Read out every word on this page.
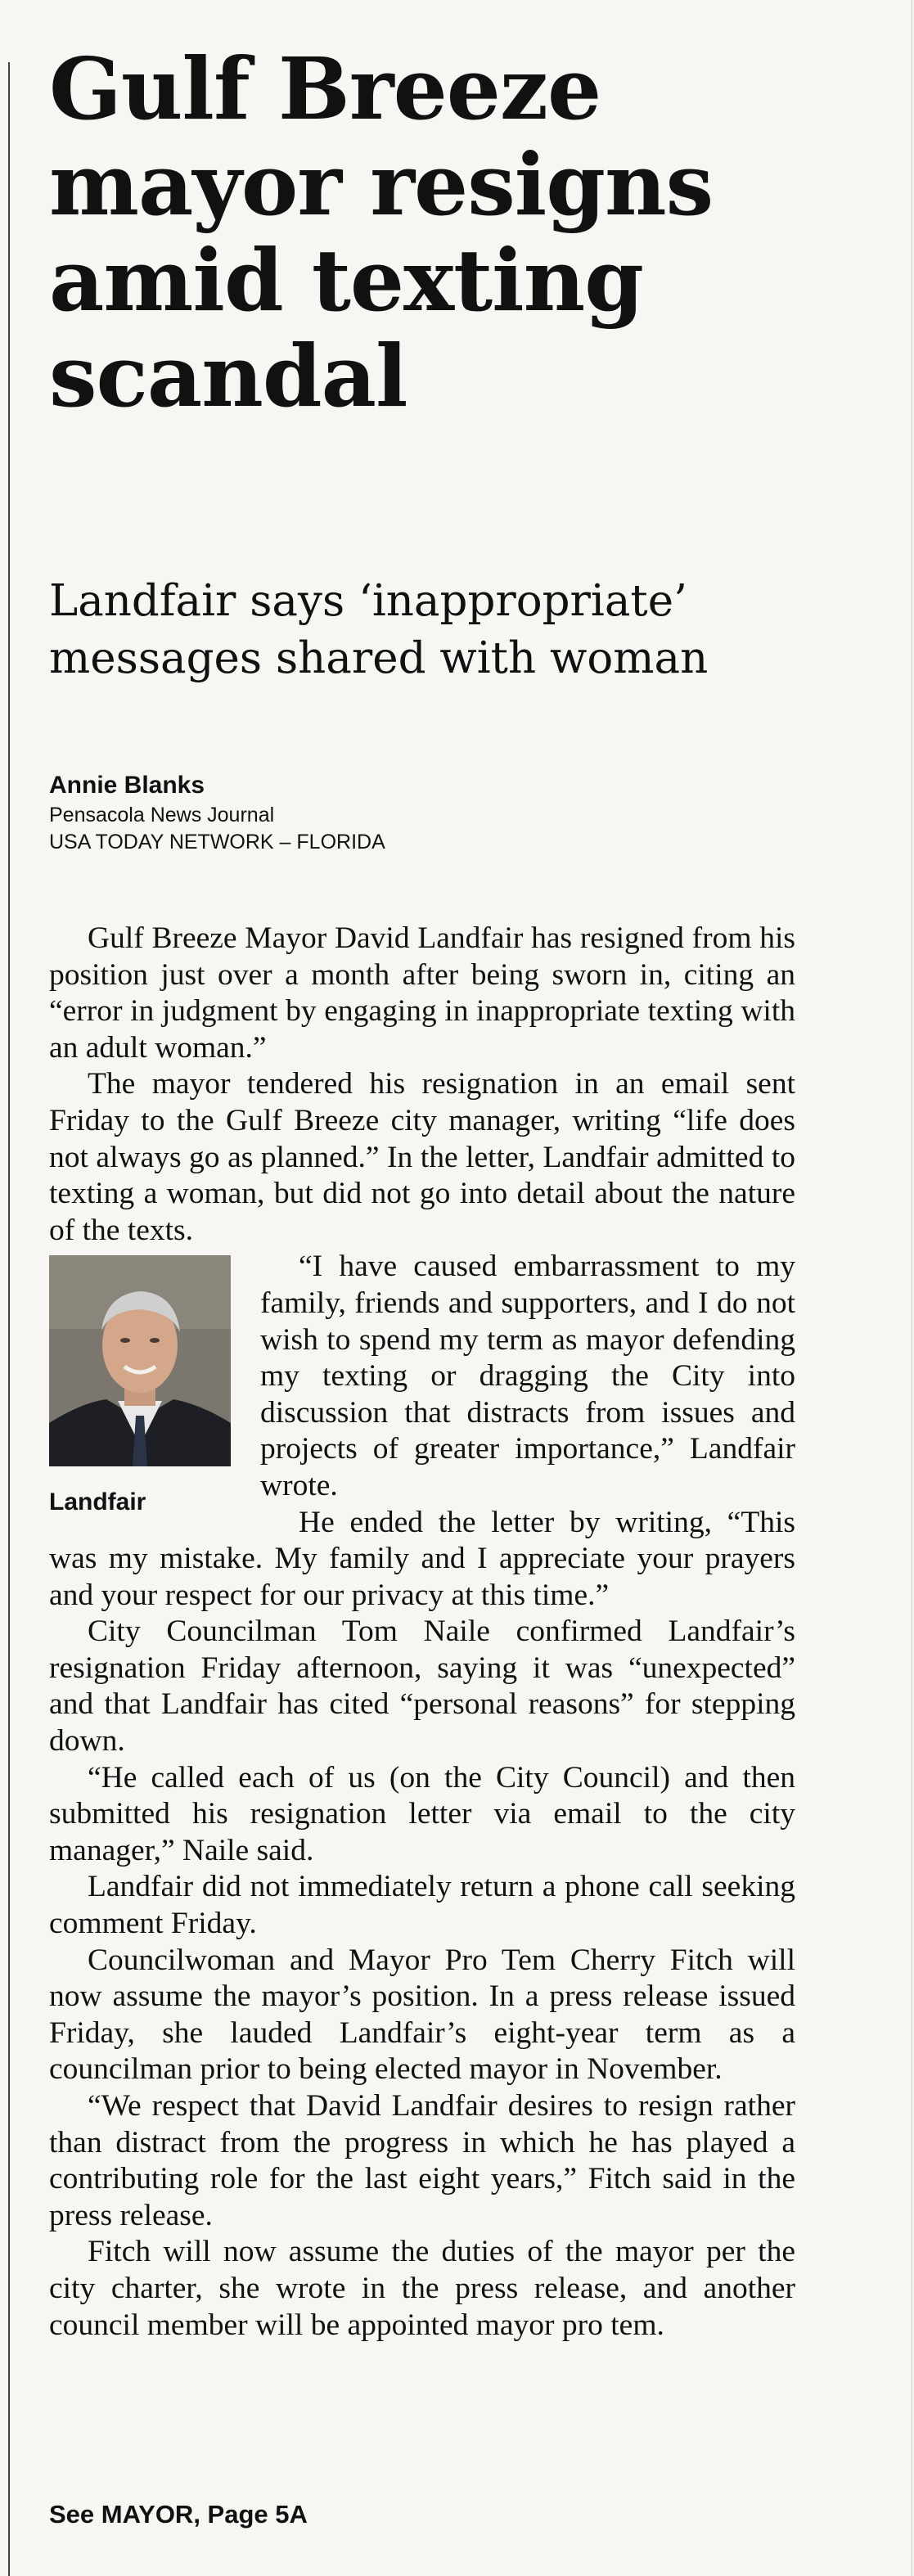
Gulf Breeze
mayor resigns
amid texting
scandal
Landfair says ‘inappropriate’
messages shared with woman
Annie Blanks
Pensacola News Journal
USA TODAY NETWORK – FLORIDA

Gulf Breeze Mayor David Landfair has resigned from his position just over a month after being sworn in, citing an “error in judgment by engaging in inappropriate texting with an adult woman.”

The mayor tendered his resignation in an email sent Friday to the Gulf Breeze city manager, writing “life does not always go as planned.” In the letter, Landfair admitted to texting a woman, but did not go into detail about the nature of the texts.

Landfair

“I have caused embarrassment to my family, friends and supporters, and I do not wish to spend my term as mayor defending my texting or dragging the City into discussion that distracts from issues and projects of greater importance,” Landfair wrote.

He ended the letter by writing, “This was my mistake. My family and I appreciate your prayers and your respect for our privacy at this time.”

City Councilman Tom Naile confirmed Landfair’s resignation Friday afternoon, saying it was “unexpected” and that Landfair has cited “personal reasons” for stepping down.

“He called each of us (on the City Council) and then submitted his resignation letter via email to the city manager,” Naile said.

Landfair did not immediately return a phone call seeking comment Friday.

Councilwoman and Mayor Pro Tem Cherry Fitch will now assume the mayor’s position. In a press release issued Friday, she lauded Landfair’s eight-year term as a councilman prior to being elected mayor in November.

“We respect that David Landfair desires to resign rather than distract from the progress in which he has played a contributing role for the last eight years,” Fitch said in the press release.

Fitch will now assume the duties of the mayor per the city charter, she wrote in the press release, and another council member will be appointed mayor pro tem.

See MAYOR, Page 5A
